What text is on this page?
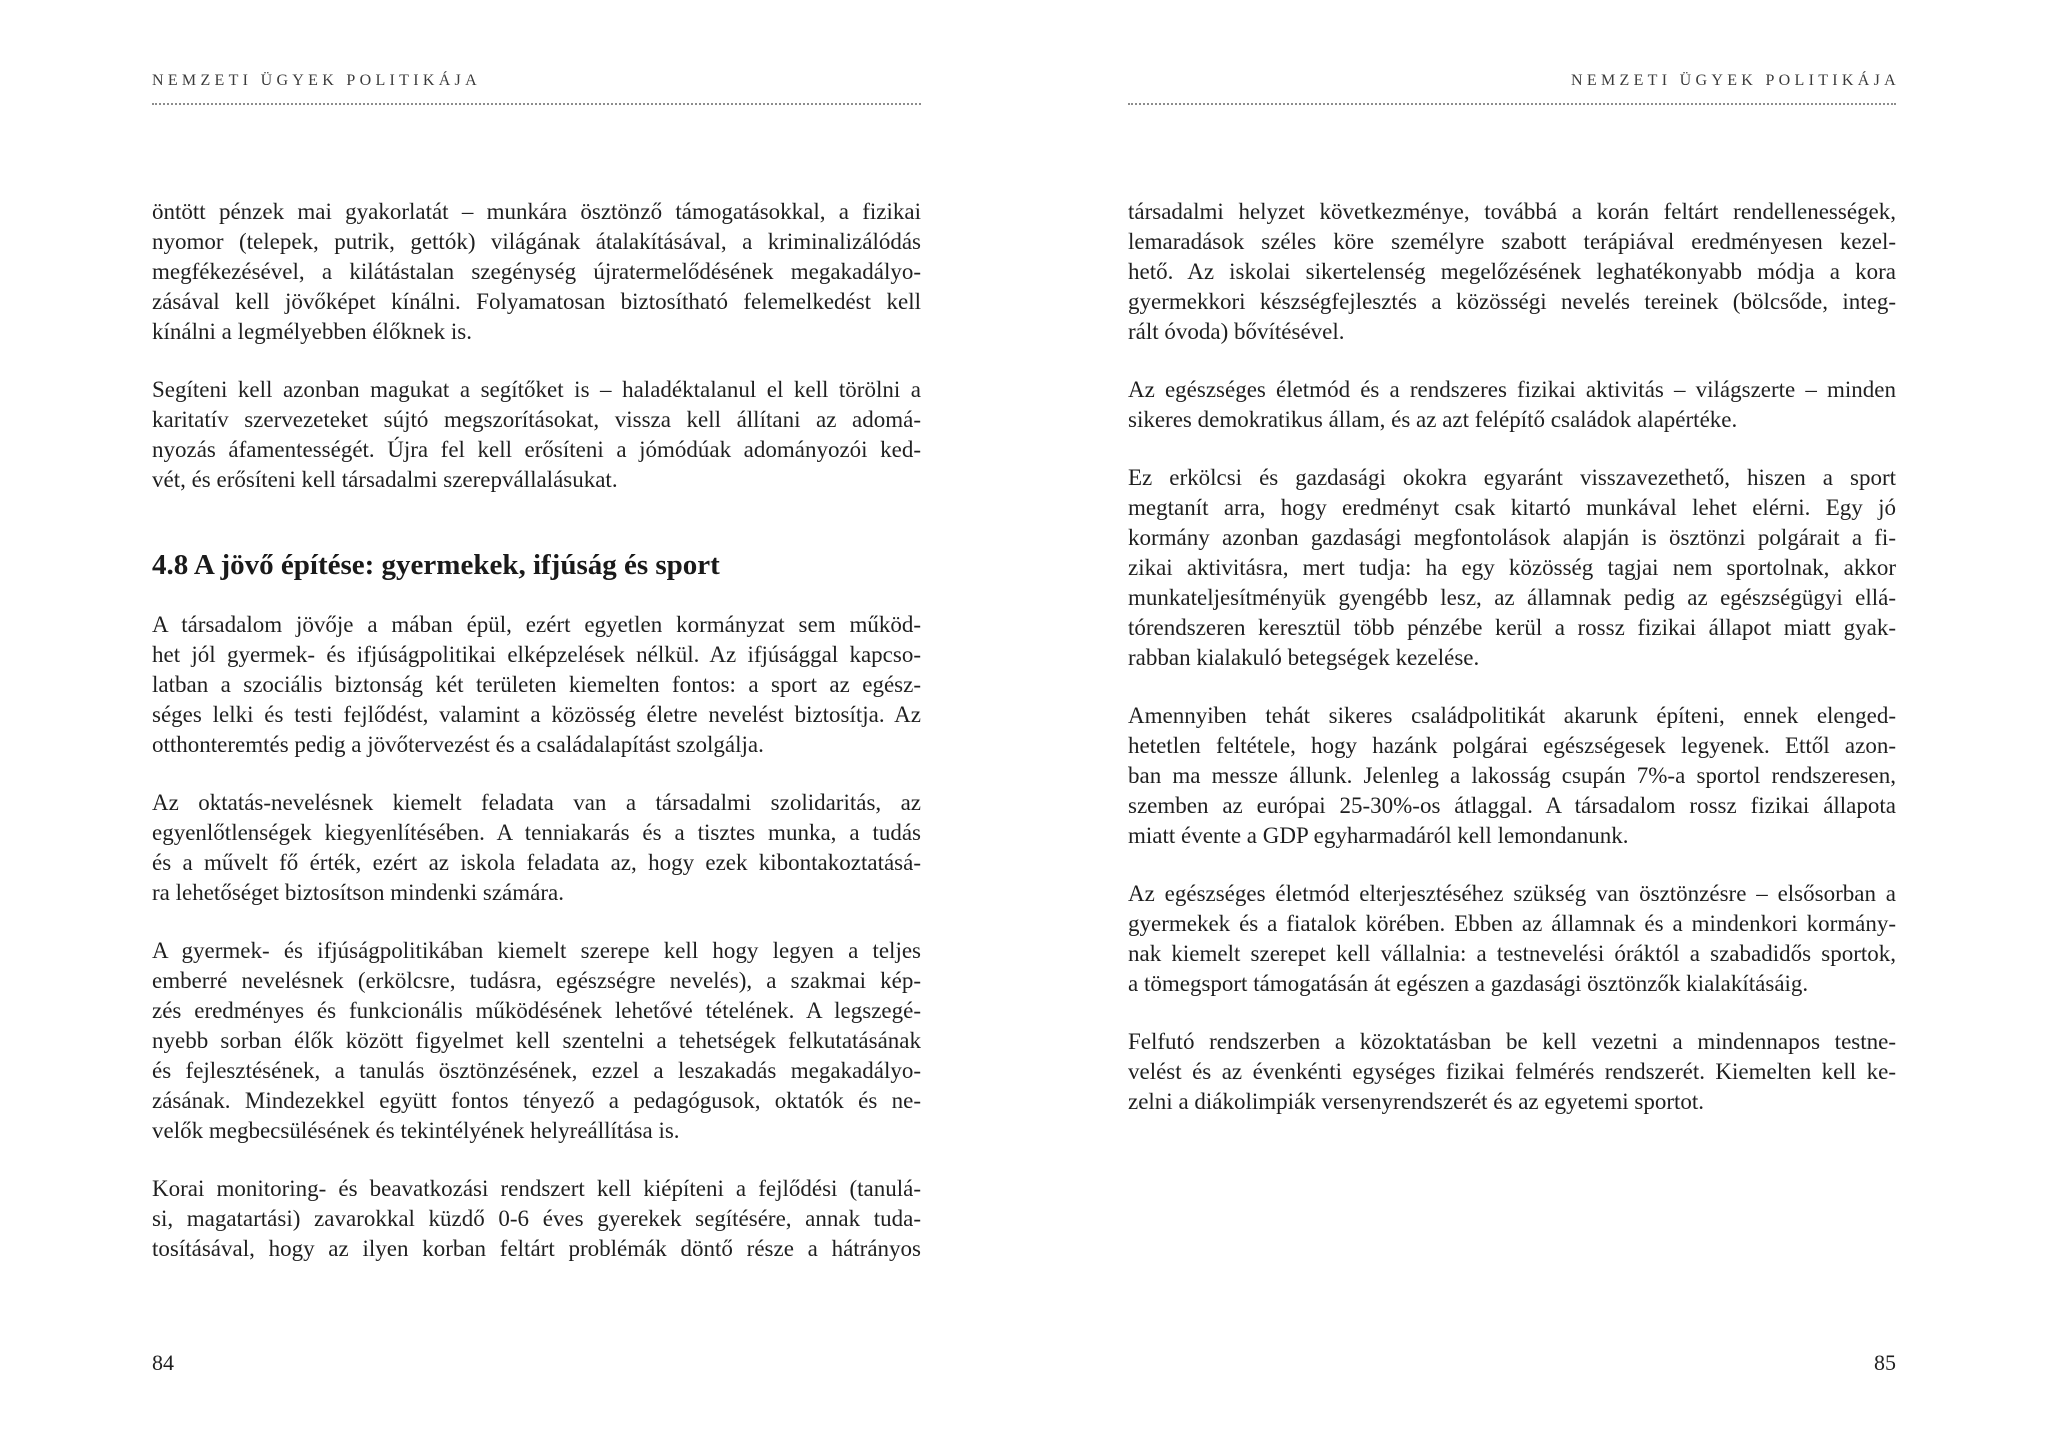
NEMZETI ÜGYEK POLITIKÁJA
öntött pénzek mai gyakorlatát – munkára ösztönző támogatásokkal, a fizikai
nyomor (telepek, putrik, gettók) világának átalakításával, a kriminalizálódás
megfékezésével, a kilátástalan szegénység újratermelődésének megakadályo-
zásával kell jövőképet kínálni. Folyamatosan biztosítható felemelkedést kell
kínálni a legmélyebben élőknek is.
Segíteni kell azonban magukat a segítőket is – haladéktalanul el kell törölni a
karitatív szervezeteket sújtó megszorításokat, vissza kell állítani az adomá-
nyozás áfamentességét. Újra fel kell erősíteni a jómódúak adományozói ked-
vét, és erősíteni kell társadalmi szerepvállalásukat.
4.8 A jövő építése: gyermekek, ifjúság és sport
A társadalom jövője a mában épül, ezért egyetlen kormányzat sem működ-
het jól gyermek- és ifjúságpolitikai elképzelések nélkül. Az ifjúsággal kapcso-
latban a szociális biztonság két területen kiemelten fontos: a sport az egész-
séges lelki és testi fejlődést, valamint a közösség életre nevelést biztosítja. Az
otthonteremtés pedig a jövőtervezést és a családalapítást szolgálja.
Az oktatás-nevelésnek kiemelt feladata van a társadalmi szolidaritás, az
egyenlőtlenségek kiegyenlítésében. A tenniakarás és a tisztes munka, a tudás
és a művelt fő érték, ezért az iskola feladata az, hogy ezek kibontakoztatásá-
ra lehetőséget biztosítson mindenki számára.
A gyermek- és ifjúságpolitikában kiemelt szerepe kell hogy legyen a teljes
emberré nevelésnek (erkölcsre, tudásra, egészségre nevelés), a szakmai kép-
zés eredményes és funkcionális működésének lehetővé tételének. A legszegé-
nyebb sorban élők között figyelmet kell szentelni a tehetségek felkutatásának
és fejlesztésének, a tanulás ösztönzésének, ezzel a leszakadás megakadályo-
zásának. Mindezekkel együtt fontos tényező a pedagógusok, oktatók és ne-
velők megbecsülésének és tekintélyének helyreállítása is.
Korai monitoring- és beavatkozási rendszert kell kiépíteni a fejlődési (tanulá-
si, magatartási) zavarokkal küzdő 0-6 éves gyerekek segítésére, annak tuda-
tosításával, hogy az ilyen korban feltárt problémák döntő része a hátrányos
84
NEMZETI ÜGYEK POLITIKÁJA
társadalmi helyzet következménye, továbbá a korán feltárt rendellenességek,
lemaradások széles köre személyre szabott terápiával eredményesen kezel-
hető. Az iskolai sikertelenség megelőzésének leghatékonyabb módja a kora
gyermekkori készségfejlesztés a közösségi nevelés tereinek (bölcsőde, integ-
rált óvoda) bővítésével.
Az egészséges életmód és a rendszeres fizikai aktivitás – világszerte – minden
sikeres demokratikus állam, és az azt felépítő családok alapértéke.
Ez erkölcsi és gazdasági okokra egyaránt visszavezethető, hiszen a sport
megtanít arra, hogy eredményt csak kitartó munkával lehet elérni. Egy jó
kormány azonban gazdasági megfontolások alapján is ösztönzi polgárait a fi-
zikai aktivitásra, mert tudja: ha egy közösség tagjai nem sportolnak, akkor
munkateljesítményük gyengébb lesz, az államnak pedig az egészségügyi ellá-
tórendszeren keresztül több pénzébe kerül a rossz fizikai állapot miatt gyak-
rabban kialakuló betegségek kezelése.
Amennyiben tehát sikeres családpolitikát akarunk építeni, ennek elenged-
hetetlen feltétele, hogy hazánk polgárai egészségesek legyenek. Ettől azon-
ban ma messze állunk. Jelenleg a lakosság csupán 7%-a sportol rendszeresen,
szemben az európai 25-30%-os átlaggal. A társadalom rossz fizikai állapota
miatt évente a GDP egyharmadáról kell lemondanunk.
Az egészséges életmód elterjesztéséhez szükség van ösztönzésre – elsősorban a
gyermekek és a fiatalok körében. Ebben az államnak és a mindenkori kormány-
nak kiemelt szerepet kell vállalnia: a testnevelési óráktól a szabadidős sportok,
a tömegsport támogatásán át egészen a gazdasági ösztönzők kialakításáig.
Felfutó rendszerben a közoktatásban be kell vezetni a mindennapos testne-
velést és az évenkénti egységes fizikai felmérés rendszerét. Kiemelten kell ke-
zelni a diákolimpiák versenyrendszerét és az egyetemi sportot.
85
